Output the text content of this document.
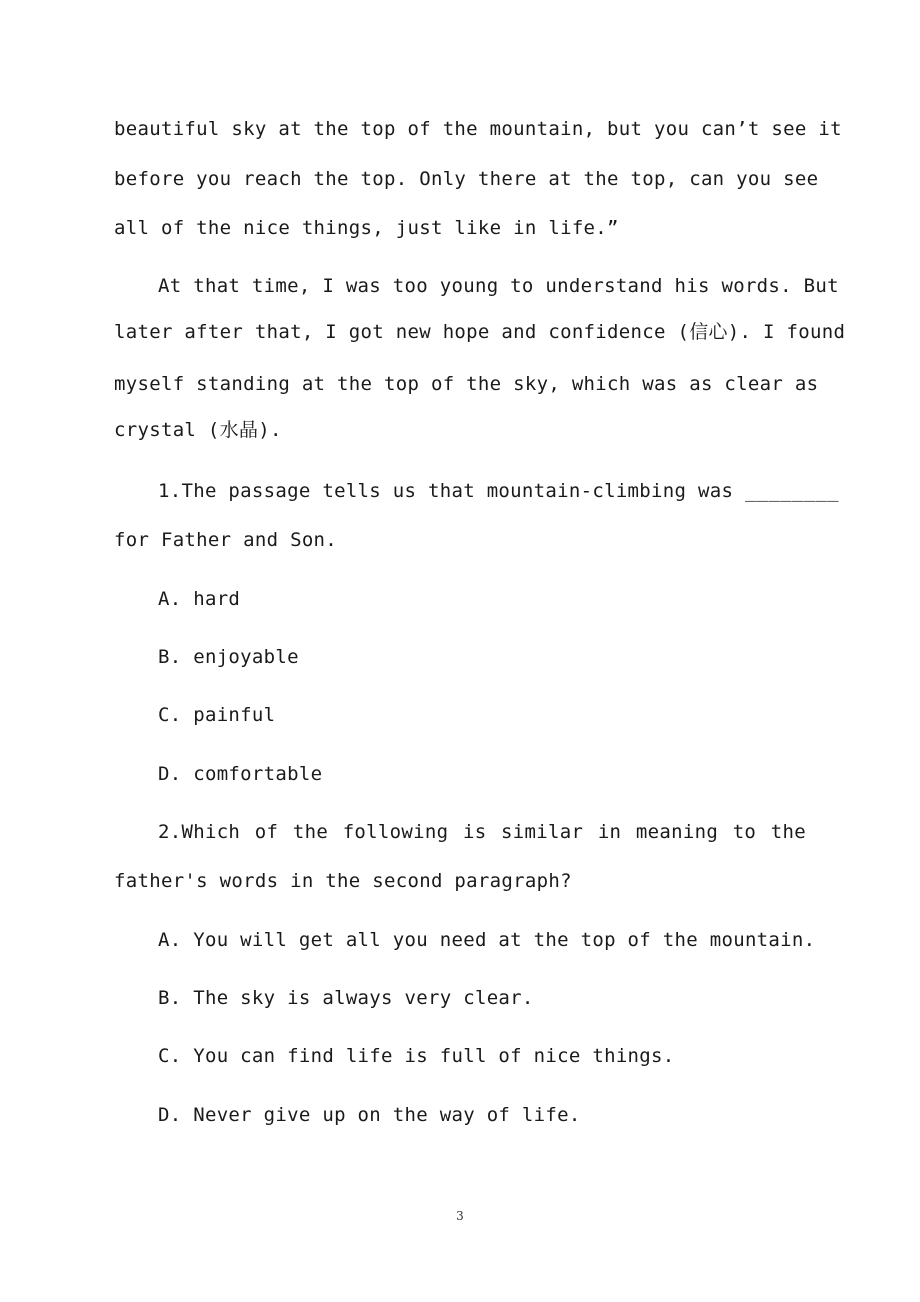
beautiful sky at the top of the mountain, but you can’t see it
before you reach the top. Only there at the top, can you see
all of the nice things, just like in life.”
At that time, I was too young to understand his words. But
later after that, I got new hope and confidence (信心). I found
myself standing at the top of the sky, which was as clear as
crystal (水晶).
1.The passage tells us that mountain-climbing was ________
for Father and Son.
A. hard
B. enjoyable
C. painful
D. comfortable
2.Which of the following is similar in meaning to the
father's words in the second paragraph?
A. You will get all you need at the top of the mountain.
B. The sky is always very clear.
C. You can find life is full of nice things.
D. Never give up on the way of life.
3
